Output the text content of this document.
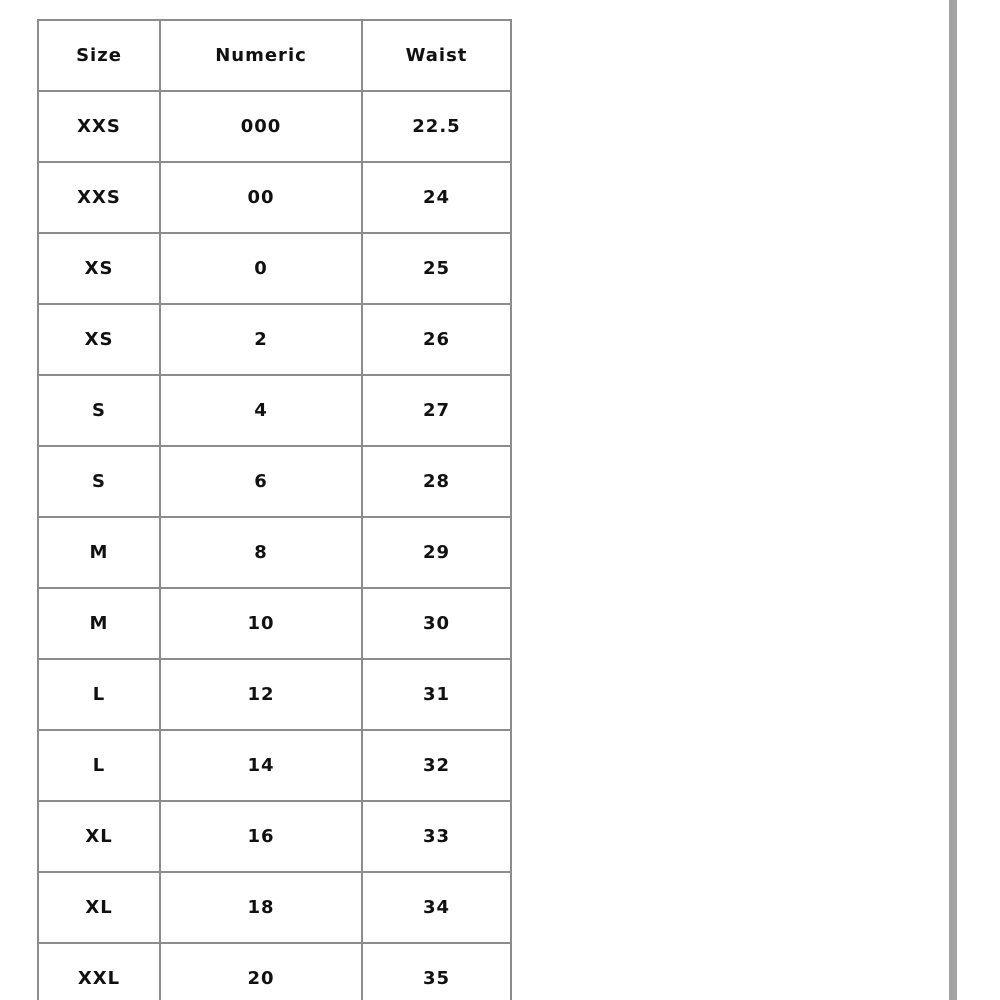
Size	Numeric	Waist
XXS	000	22.5
XXS	00	24
XS	0	25
XS	2	26
S	4	27
S	6	28
M	8	29
M	10	30
L	12	31
L	14	32
XL	16	33
XL	18	34
XXL	20	35
